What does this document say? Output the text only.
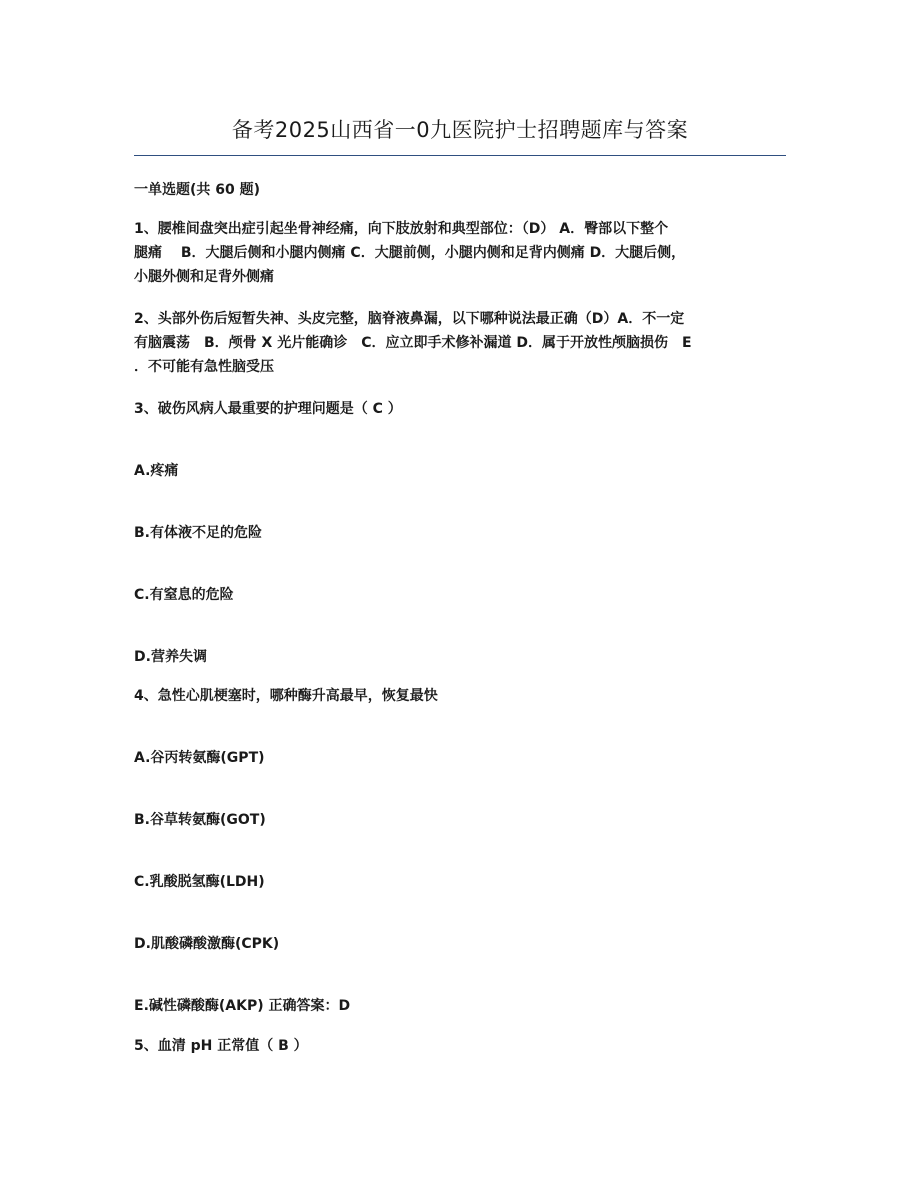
备考2025山西省一0九医院护士招聘题库与答案
一单选题(共 60 题)
1、腰椎间盘突出症引起坐骨神经痛，向下肢放射和典型部位：（D） A．臀部以下整个
腿痛　 B．大腿后侧和小腿内侧痛 C．大腿前侧，小腿内侧和足背内侧痛 D．大腿后侧，
小腿外侧和足背外侧痛
2、头部外伤后短暂失神、头皮完整，脑脊液鼻漏，以下哪种说法最正确（D）A．不一定
有脑震荡　B．颅骨 X 光片能确诊　C．应立即手术修补漏道 D．属于开放性颅脑损伤　E
．不可能有急性脑受压
3、破伤风病人最重要的护理问题是（ C ）
A.疼痛
B.有体液不足的危险
C.有窒息的危险
D.营养失调
4、急性心肌梗塞时，哪种酶升高最早，恢复最快
A.谷丙转氨酶(GPT)
B.谷草转氨酶(GOT)
C.乳酸脱氢酶(LDH)
D.肌酸磷酸激酶(CPK)
E.碱性磷酸酶(AKP) 正确答案：D
5、血清 pH 正常值（ B ）
